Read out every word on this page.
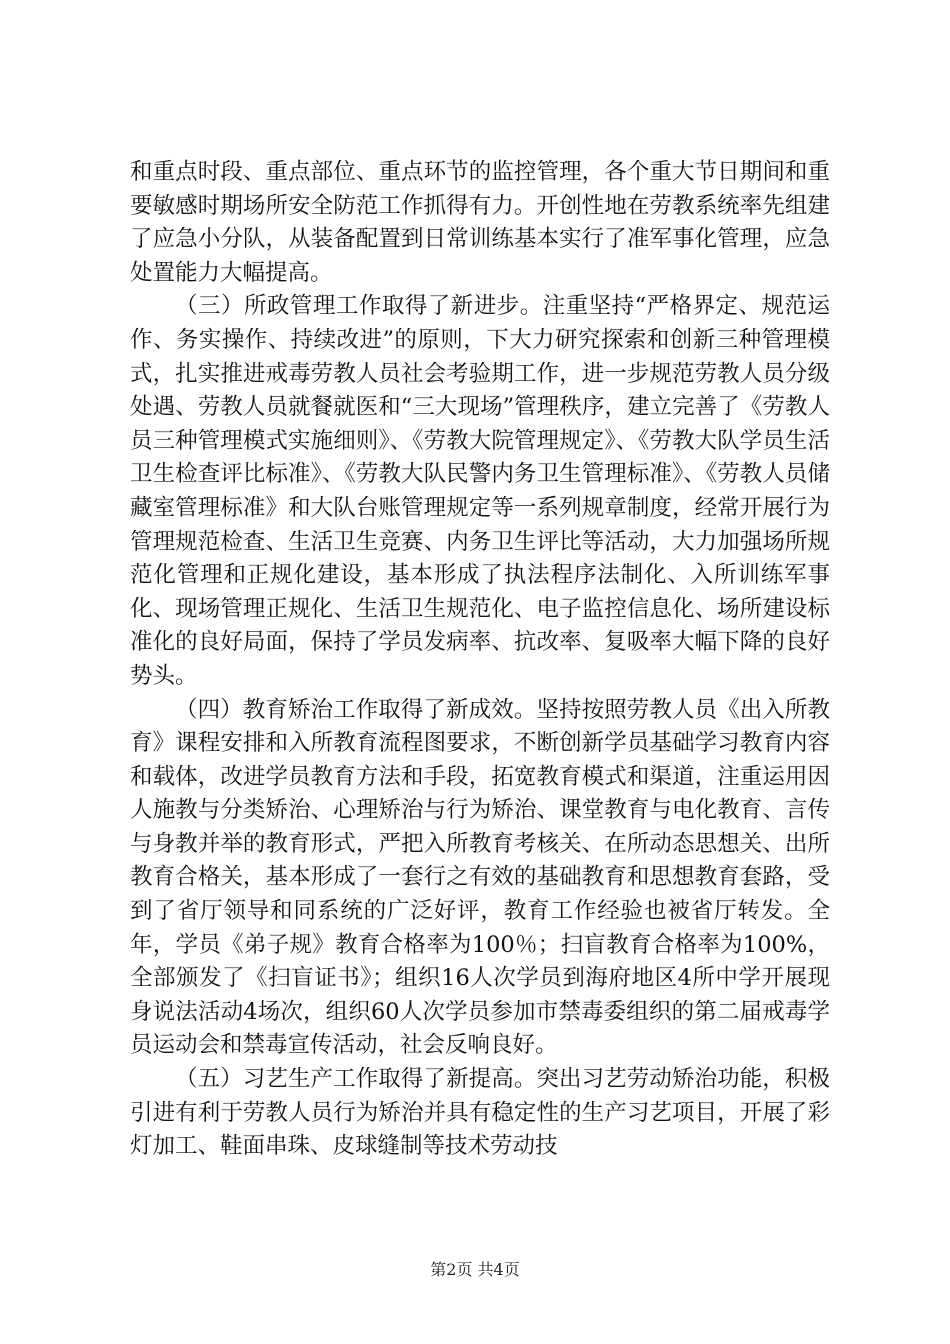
和重点时段、重点部位、重点环节的监控管理，各个重大节日期间和重要敏感时期场所安全防范工作抓得有力。开创性地在劳教系统率先组建了应急小分队，从装备配置到日常训练基本实行了准军事化管理，应急处置能力大幅提高。

（三）所政管理工作取得了新进步。注重坚持“严格界定、规范运作、务实操作、持续改进”的原则，下大力研究探索和创新三种管理模式，扎实推进戒毒劳教人员社会考验期工作，进一步规范劳教人员分级处遇、劳教人员就餐就医和“三大现场”管理秩序，建立完善了《劳教人员三种管理模式实施细则》、《劳教大院管理规定》、《劳教大队学员生活卫生检查评比标准》、《劳教大队民警内务卫生管理标准》、《劳教人员储藏室管理标准》和大队台账管理规定等一系列规章制度，经常开展行为管理规范检查、生活卫生竞赛、内务卫生评比等活动，大力加强场所规范化管理和正规化建设，基本形成了执法程序法制化、入所训练军事化、现场管理正规化、生活卫生规范化、电子监控信息化、场所建设标准化的良好局面，保持了学员发病率、抗改率、复吸率大幅下降的良好势头。

（四）教育矫治工作取得了新成效。坚持按照劳教人员《出入所教育》课程安排和入所教育流程图要求，不断创新学员基础学习教育内容和载体，改进学员教育方法和手段，拓宽教育模式和渠道，注重运用因人施教与分类矫治、心理矫治与行为矫治、课堂教育与电化教育、言传与身教并举的教育形式，严把入所教育考核关、在所动态思想关、出所教育合格关，基本形成了一套行之有效的基础教育和思想教育套路，受到了省厅领导和同系统的广泛好评，教育工作经验也被省厅转发。全年，学员《弟子规》教育合格率为100％；扫盲教育合格率为100%，全部颁发了《扫盲证书》；组织16人次学员到海府地区4所中学开展现身说法活动4场次，组织60人次学员参加市禁毒委组织的第二届戒毒学员运动会和禁毒宣传活动，社会反响良好。

（五）习艺生产工作取得了新提高。突出习艺劳动矫治功能，积极引进有利于劳教人员行为矫治并具有稳定性的生产习艺项目，开展了彩灯加工、鞋面串珠、皮球缝制等技术劳动技

第2页 共4页
